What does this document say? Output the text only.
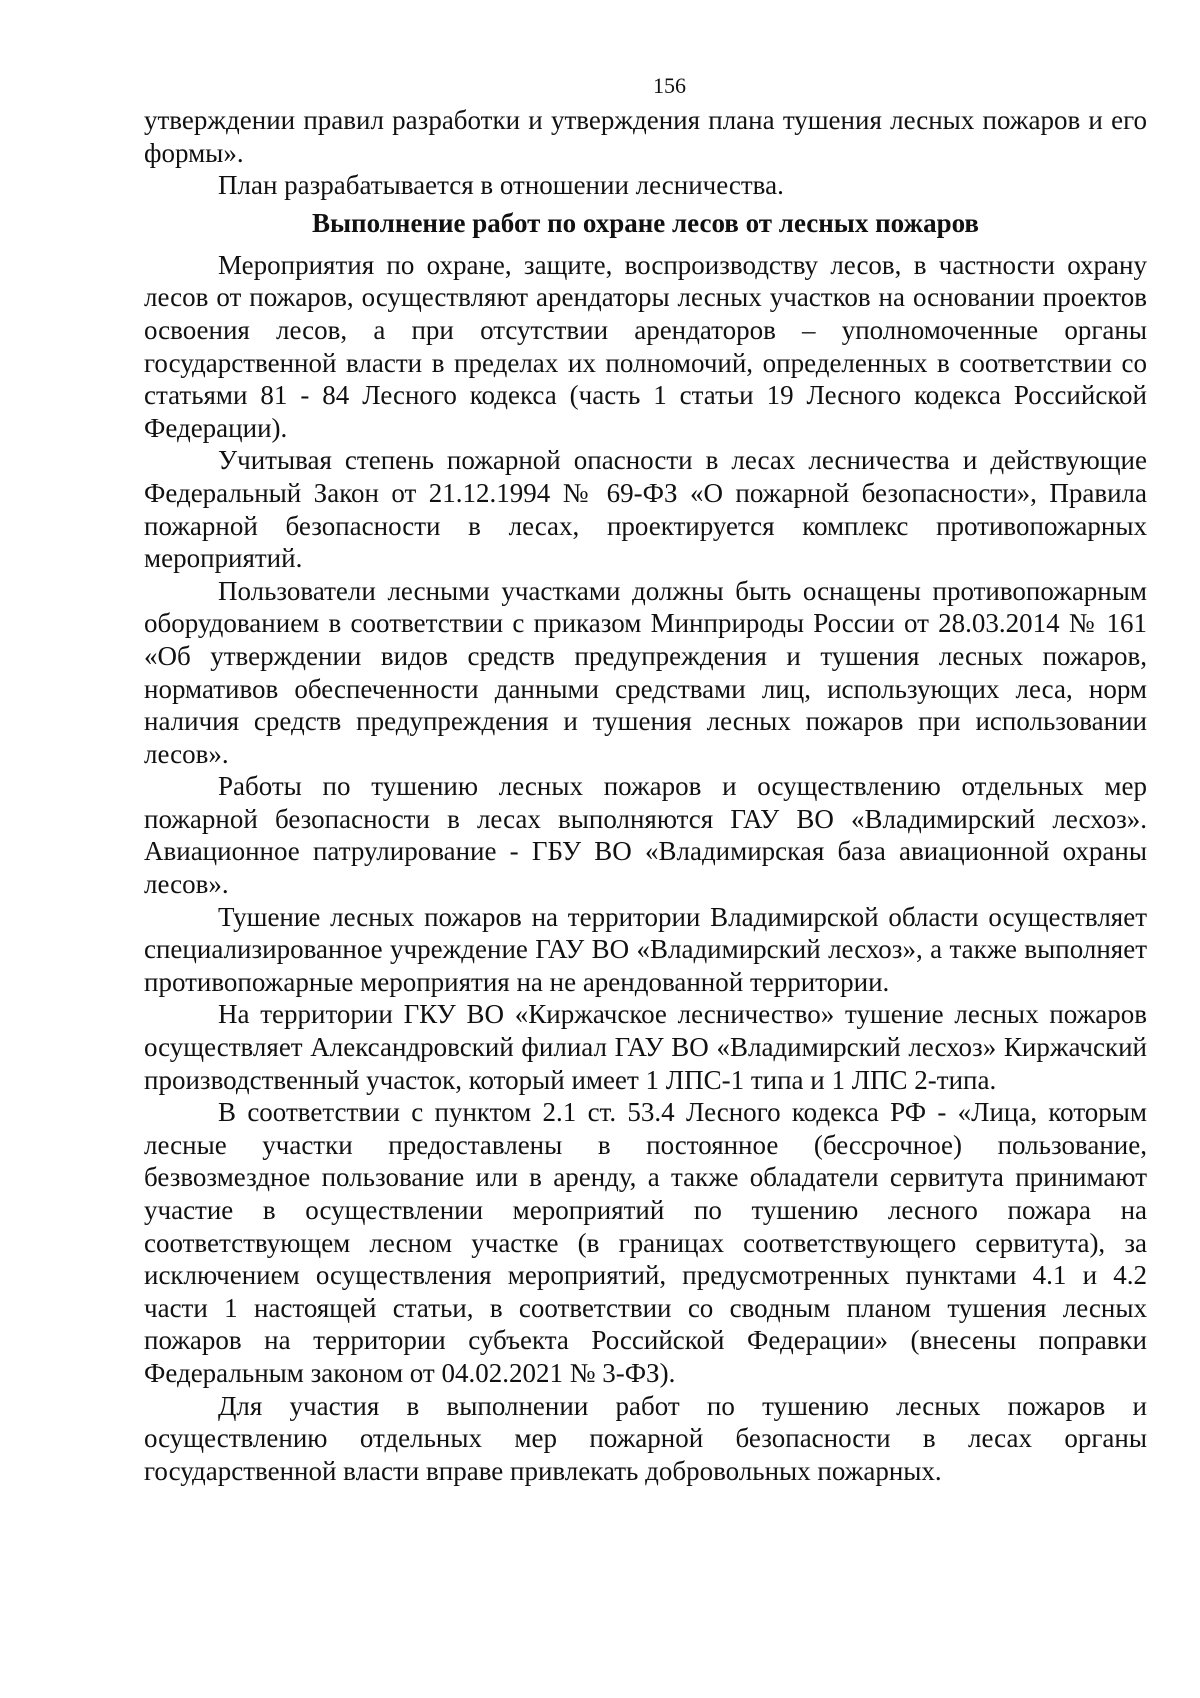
156

утверждении правил разработки и утверждения плана тушения лесных пожаров и его формы».

План разрабатывается в отношении лесничества.

Выполнение работ по охране лесов от лесных пожаров

Мероприятия по охране, защите, воспроизводству лесов, в частности охрану лесов от пожаров, осуществляют арендаторы лесных участков на основании проектов освоения лесов, а при отсутствии арендаторов – уполномоченные органы государственной власти в пределах их полномочий, определенных в соответствии со статьями 81 - 84 Лесного кодекса (часть 1 статьи 19 Лесного кодекса Российской Федерации).

Учитывая степень пожарной опасности в лесах лесничества и действующие Федеральный Закон от 21.12.1994 № 69-ФЗ «О пожарной безопасности», Правила пожарной безопасности в лесах, проектируется комплекс противопожарных мероприятий.

Пользователи лесными участками должны быть оснащены противопожарным оборудованием в соответствии с приказом Минприроды России от 28.03.2014 № 161 «Об утверждении видов средств предупреждения и тушения лесных пожаров, нормативов обеспеченности данными средствами лиц, использующих леса, норм наличия средств предупреждения и тушения лесных пожаров при использовании лесов».

Работы по тушению лесных пожаров и осуществлению отдельных мер пожарной безопасности в лесах выполняются ГАУ ВО «Владимирский лесхоз». Авиационное патрулирование - ГБУ ВО «Владимирская база авиационной охраны лесов».

Тушение лесных пожаров на территории Владимирской области осуществляет специализированное учреждение ГАУ ВО «Владимирский лесхоз», а также выполняет противопожарные мероприятия на не арендованной территории.

На территории ГКУ ВО «Киржачское лесничество» тушение лесных пожаров осуществляет Александровский филиал ГАУ ВО «Владимирский лесхоз» Киржачский производственный участок, который имеет 1 ЛПС-1 типа и 1 ЛПС 2-типа.

В соответствии с пунктом 2.1 ст. 53.4 Лесного кодекса РФ - «Лица, которым лесные участки предоставлены в постоянное (бессрочное) пользование, безвозмездное пользование или в аренду, а также обладатели сервитута принимают участие в осуществлении мероприятий по тушению лесного пожара на соответствующем лесном участке (в границах соответствующего сервитута), за исключением осуществления мероприятий, предусмотренных пунктами 4.1 и 4.2 части 1 настоящей статьи, в соответствии со сводным планом тушения лесных пожаров на территории субъекта Российской Федерации» (внесены поправки Федеральным законом от 04.02.2021 № 3-ФЗ).

Для участия в выполнении работ по тушению лесных пожаров и осуществлению отдельных мер пожарной безопасности в лесах органы государственной власти вправе привлекать добровольных пожарных.
